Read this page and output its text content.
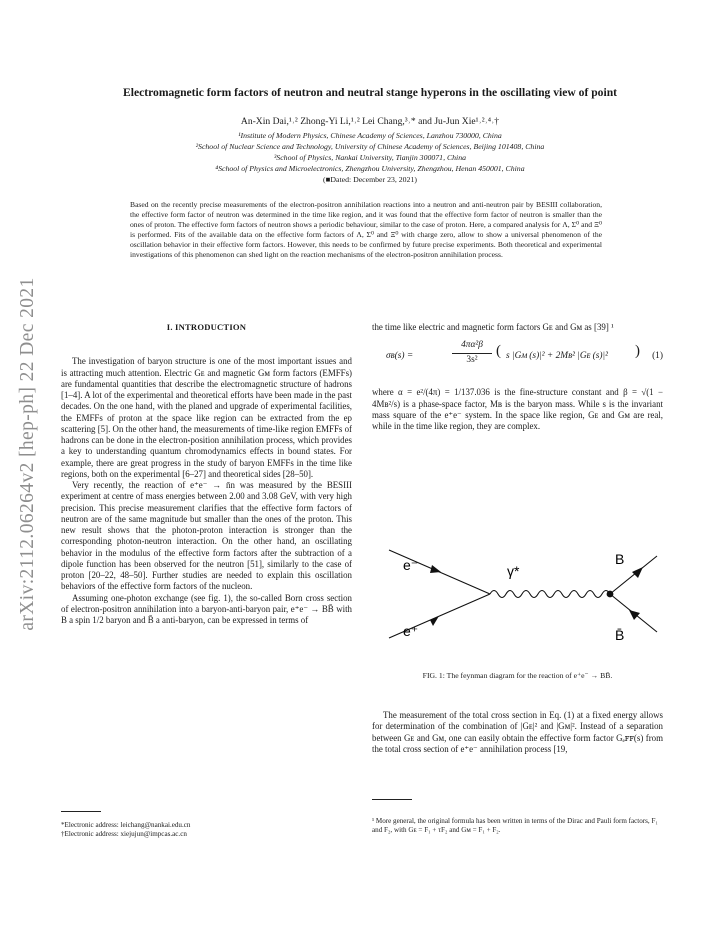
arXiv:2112.06264v2 [hep-ph] 22 Dec 2021
Electromagnetic form factors of neutron and neutral stange hyperons in the oscillating view of point
An-Xin Dai,¹˒² Zhong-Yi Li,¹˒² Lei Chang,³˒* and Ju-Jun Xie¹˒²˒⁴˒†
¹Institute of Modern Physics, Chinese Academy of Sciences, Lanzhou 730000, China
²School of Nuclear Science and Technology, University of Chinese Academy of Sciences, Beijing 101408, China
³School of Physics, Nankai University, Tianjin 300071, China
⁴School of Physics and Microelectronics, Zhengzhou University, Zhengzhou, Henan 450001, China
(■Dated: December 23, 2021)
Based on the recently precise measurements of the electron-positron annihilation reactions into a neutron and anti-neutron pair by BESIII collaboration, the effective form factor of neutron was determined in the time like region, and it was found that the effective form factor of neutron is smaller than the ones of proton. The effective form factors of neutron shows a periodic behaviour, similar to the case of proton. Here, a compared analysis for Λ, Σ⁰ and Ξ⁰ is performed. Fits of the available data on the effective form factors of Λ, Σ⁰ and Ξ⁰ with charge zero, allow to show a universal phenomenon of the oscillation behavior in their effective form factors. However, this needs to be confirmed by future precise experiments. Both theoretical and experimental investigations of this phenomenon can shed light on the reaction mechanisms of the electron-positron annihilation process.
I. INTRODUCTION

The investigation of baryon structure is one of the most important issues and is attracting much attention. Electric Gᴇ and magnetic Gᴍ form factors (EMFFs) are fundamental quantities that describe the electromagnetic structure of hadrons [1–4]. A lot of the experimental and theoretical efforts have been made in the past decades. On the one hand, with the planed and upgrade of experimental facilities, the EMFFs of proton at the space like region can be extracted from the ep scattering [5]. On the other hand, the measurements of time-like region EMFFs of hadrons can be done in the electron-position annihilation process, which provides a key to understanding quantum chromodynamics effects in bound states. For example, there are great progress in the study of baryon EMFFs in the time like regions, both on the experimental [6–27] and theoretical sides [28–50].

Very recently, the reaction of e⁺e⁻ → n̄n was measured by the BESIII experiment at centre of mass energies between 2.00 and 3.08 GeV, with very high precision. This precise measurement clarifies that the effective form factors of neutron are of the same magnitude but smaller than the ones of the proton. This new result shows that the photon-proton interaction is stronger than the corresponding photon-neutron interaction. On the other hand, an oscillating behavior in the modulus of the effective form factors after the subtraction of a dipole function has been observed for the neutron [51], similarly to the case of proton [20–22, 48–50]. Further studies are needed to explain this oscillation behaviors of the effective form factors of the nucleon.

Assuming one-photon exchange (see fig. 1), the so-called Born cross section of electron-positron annihilation into a baryon-anti-baryon pair, e⁺e⁻ → BB̄ with B a spin 1/2 baryon and B̄ a anti-baryon, can be expressed in terms of

the time like electric and magnetic form factors Gᴇ and Gᴍ as [39] ¹

σʙ(s) =	$\frac{\text{4πα²β}}{\text{3s²}}$ ( s |Gᴍ (s)|² + 2Mʙ² |Gᴇ (s)|² ) (1)

where α = e²/(4π) = 1/137.036 is the fine-structure constant and β = √(1 − 4Mʙ²/s) is a phase-space factor, Mʙ is the baryon mass. While s is the invariant mass square of the e⁺e⁻ system. In the space like region, Gᴇ and Gᴍ are real, while in the time like region, they are complex.

e⁻
e⁺
γ*
B
B̄
FIG. 1: The feynman diagram for the reaction of e⁺e⁻ → BB̄.

The measurement of the total cross section in Eq. (1) at a fixed energy allows for determination of the combination of |Gᴇ|² and |Gᴍ|². Instead of a separation between Gᴇ and Gᴍ, one can easily obtain the effective form factor Gₑꜰꜰ(s) from the total cross section of e⁺e⁻ annihilation process [19,

*Electronic address: leichang@nankai.edu.cn
†Electronic address: xiejujun@impcas.ac.cn
¹ More general, the original formula has been written in terms of the Dirac and Pauli form factors, F₁ and F₂, with Gᴇ = F₁ + τF₂ and Gᴍ = F₁ + F₂.
